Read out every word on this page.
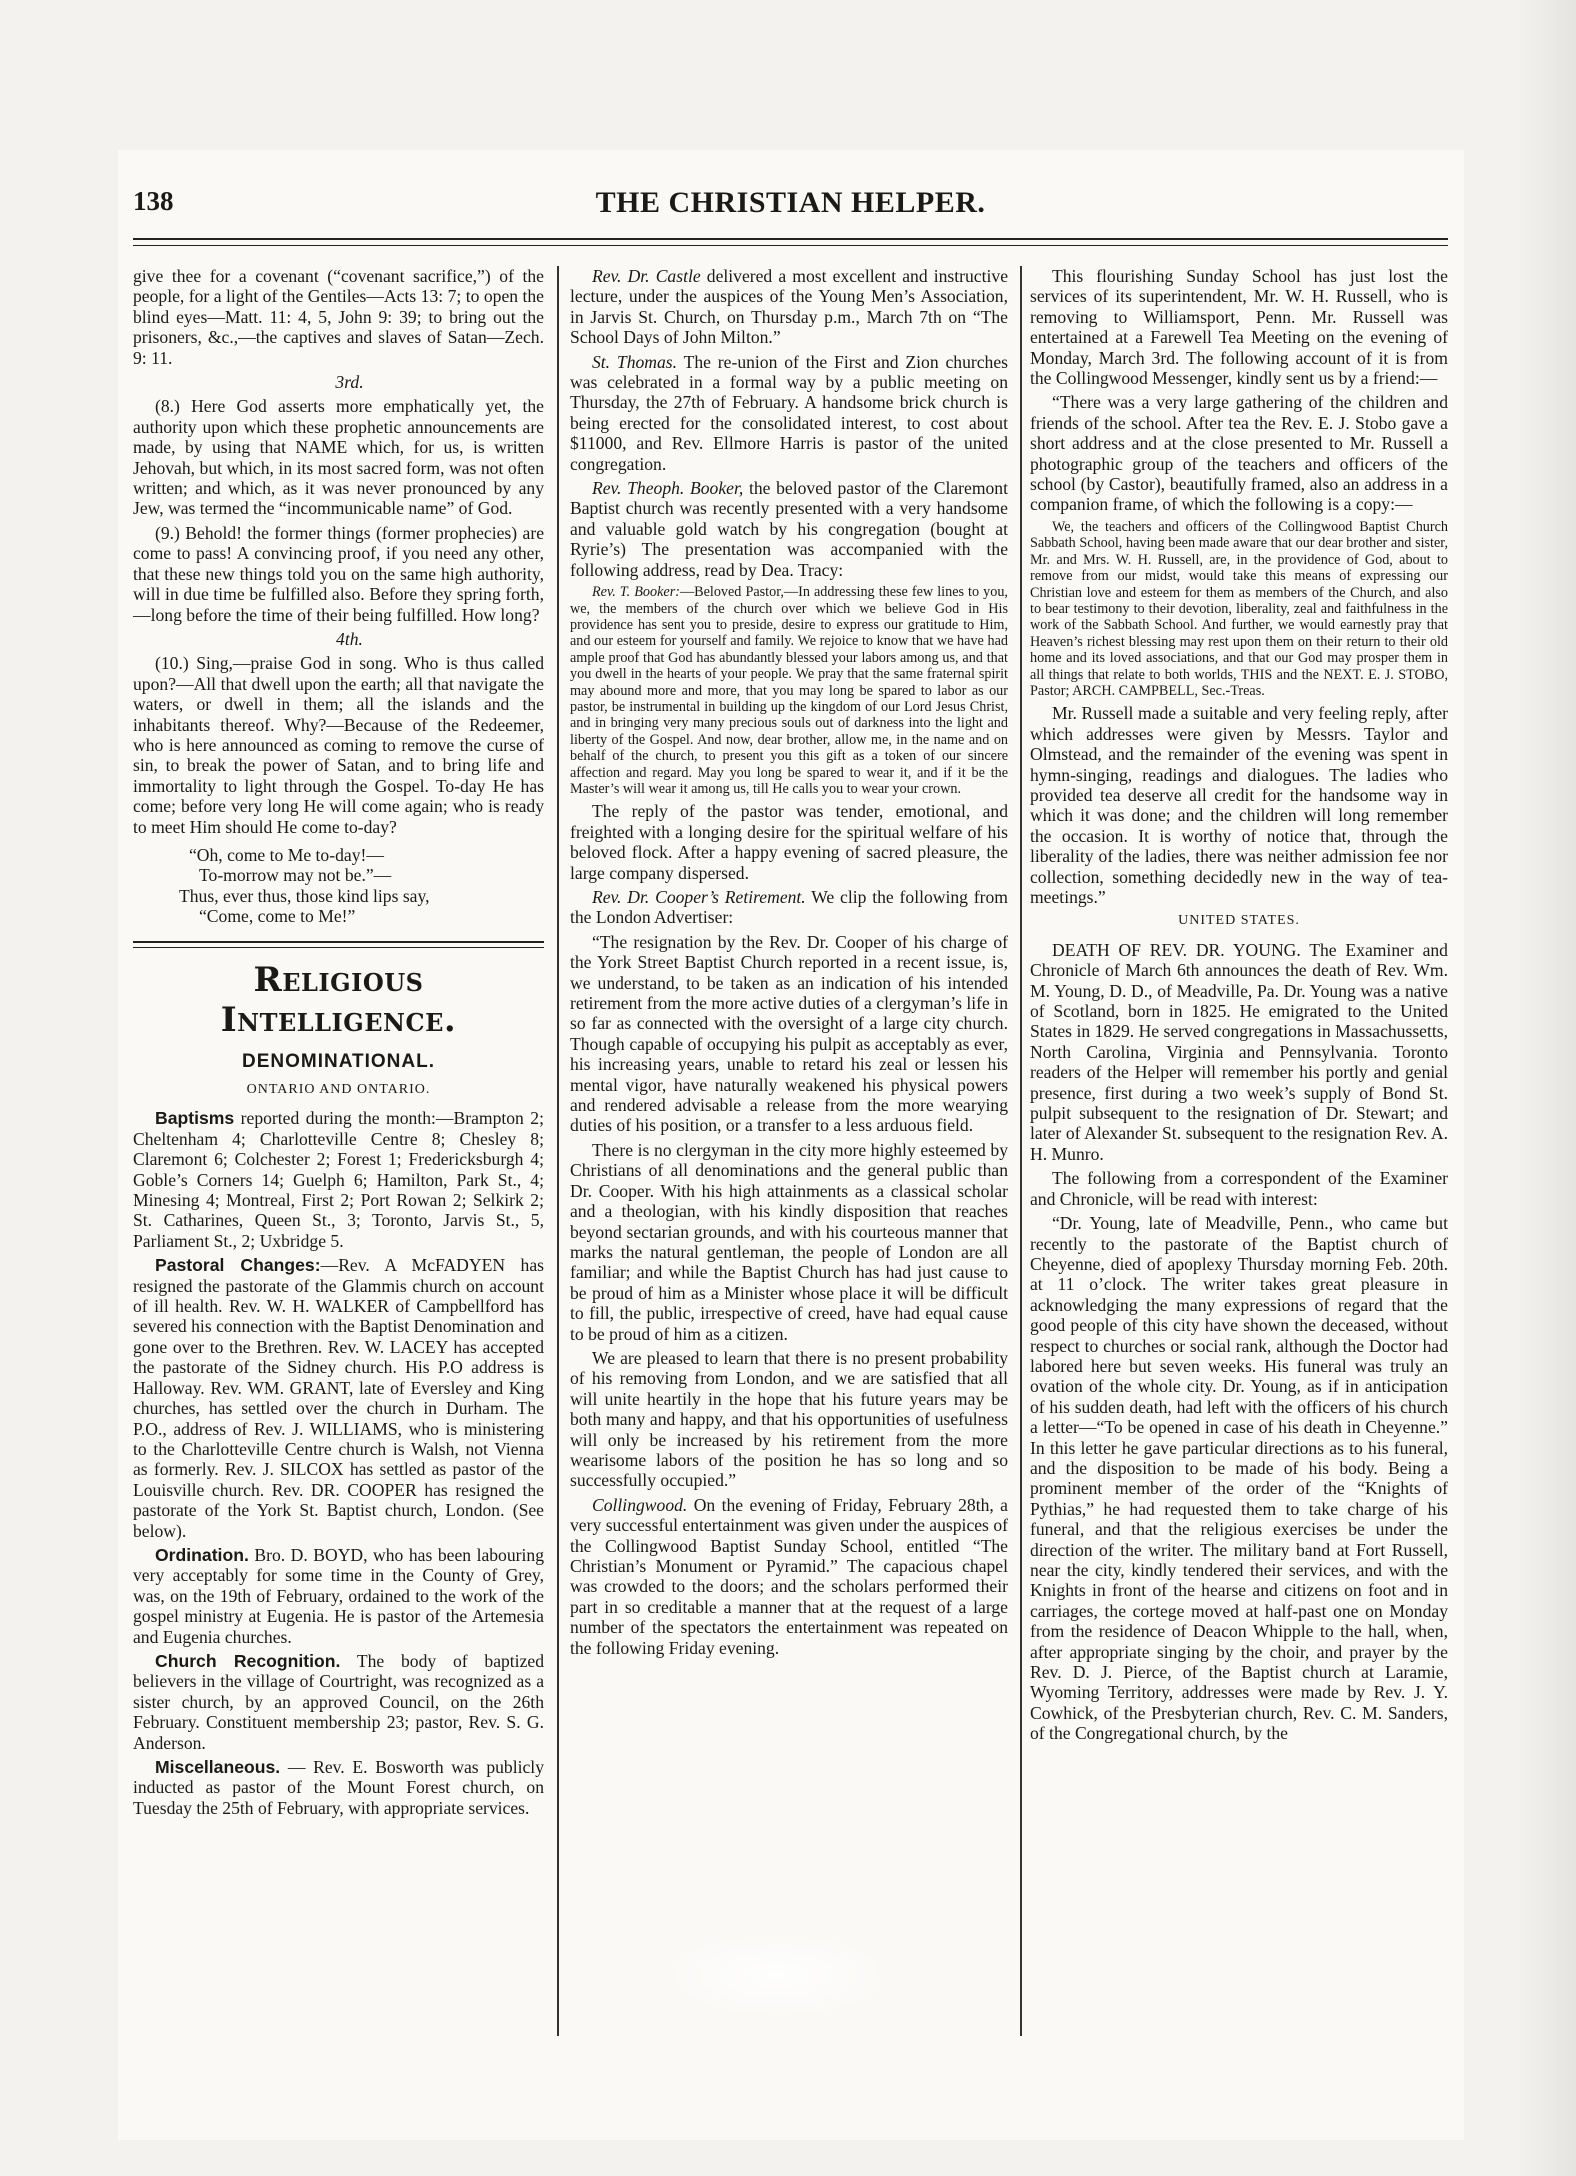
138	THE CHRISTIAN HELPER.

give thee for a covenant (“covenant sacrifice,”) of the people, for a light of the Gentiles—Acts 13: 7; to open the blind eyes—Matt. 11: 4, 5, John 9: 39; to bring out the prisoners, &c.,—the captives and slaves of Satan—Zech. 9: 11.

3rd.

(8.) Here God asserts more emphatically yet, the authority upon which these prophetic announcements are made, by using that NAME which, for us, is written Jehovah, but which, in its most sacred form, was not often written; and which, as it was never pronounced by any Jew, was termed the “incommunicable name” of God.

(9.) Behold! the former things (former prophecies) are come to pass! A convincing proof, if you need any other, that these new things told you on the same high authority, will in due time be fulfilled also. Before they spring forth,—long before the time of their being fulfilled. How long?

4th.

(10.) Sing,—praise God in song. Who is thus called upon?—All that dwell upon the earth; all that navigate the waters, or dwell in them; all the islands and the inhabitants thereof. Why?—Because of the Redeemer, who is here announced as coming to remove the curse of sin, to break the power of Satan, and to bring life and immortality to light through the Gospel. To-day He has come; before very long He will come again; who is ready to meet Him should He come to-day?

“Oh, come to Me to-day!—
To-morrow may not be.”—
Thus, ever thus, those kind lips say,
“Come, come to Me!”
Religious Intelligence.
DENOMINATIONAL.
ONTARIO AND ONTARIO.

Baptisms reported during the month:—Brampton 2; Cheltenham 4; Charlotteville Centre 8; Chesley 8; Claremont 6; Colchester 2; Forest 1; Fredericksburgh 4; Goble’s Corners 14; Guelph 6; Hamilton, Park St., 4; Minesing 4; Montreal, First 2; Port Rowan 2; Selkirk 2; St. Catharines, Queen St., 3; Toronto, Jarvis St., 5, Parliament St., 2; Uxbridge 5.

Pastoral Changes:—Rev. A McFADYEN has resigned the pastorate of the Glammis church on account of ill health. Rev. W. H. WALKER of Campbellford has severed his connection with the Baptist Denomination and gone over to the Brethren. Rev. W. LACEY has accepted the pastorate of the Sidney church. His P.O address is Halloway. Rev. WM. GRANT, late of Eversley and King churches, has settled over the church in Durham. The P.O., address of Rev. J. WILLIAMS, who is ministering to the Charlotteville Centre church is Walsh, not Vienna as formerly. Rev. J. SILCOX has settled as pastor of the Louisville church. Rev. DR. COOPER has resigned the pastorate of the York St. Baptist church, London. (See below).

Ordination. Bro. D. BOYD, who has been labouring very acceptably for some time in the County of Grey, was, on the 19th of February, ordained to the work of the gospel ministry at Eugenia. He is pastor of the Artemesia and Eugenia churches.

Church Recognition. The body of baptized believers in the village of Courtright, was recognized as a sister church, by an approved Council, on the 26th February. Constituent membership 23; pastor, Rev. S. G. Anderson.

Miscellaneous. — Rev. E. Bosworth was publicly inducted as pastor of the Mount Forest church, on Tuesday the 25th of February, with appropriate services.

Rev. Dr. Castle delivered a most excellent and instructive lecture, under the auspices of the Young Men’s Association, in Jarvis St. Church, on Thursday p.m., March 7th on “The School Days of John Milton.”

St. Thomas. The re-union of the First and Zion churches was celebrated in a formal way by a public meeting on Thursday, the 27th of February. A handsome brick church is being erected for the consolidated interest, to cost about $11000, and Rev. Ellmore Harris is pastor of the united congregation.

Rev. Theoph. Booker, the beloved pastor of the Claremont Baptist church was recently presented with a very handsome and valuable gold watch by his congregation (bought at Ryrie’s) The presentation was accompanied with the following address, read by Dea. Tracy:

Rev. T. Booker:—Beloved Pastor,—In addressing these few lines to you, we, the members of the church over which we believe God in His providence has sent you to preside, desire to express our gratitude to Him, and our esteem for yourself and family. We rejoice to know that we have had ample proof that God has abundantly blessed your labors among us, and that you dwell in the hearts of your people. We pray that the same fraternal spirit may abound more and more, that you may long be spared to labor as our pastor, be instrumental in building up the kingdom of our Lord Jesus Christ, and in bringing very many precious souls out of darkness into the light and liberty of the Gospel. And now, dear brother, allow me, in the name and on behalf of the church, to present you this gift as a token of our sincere affection and regard. May you long be spared to wear it, and if it be the Master’s will wear it among us, till He calls you to wear your crown.

The reply of the pastor was tender, emotional, and freighted with a longing desire for the spiritual welfare of his beloved flock. After a happy evening of sacred pleasure, the large company dispersed.

Rev. Dr. Cooper’s Retirement. We clip the following from the London Advertiser:

“The resignation by the Rev. Dr. Cooper of his charge of the York Street Baptist Church reported in a recent issue, is, we understand, to be taken as an indication of his intended retirement from the more active duties of a clergyman’s life in so far as connected with the oversight of a large city church. Though capable of occupying his pulpit as acceptably as ever, his increasing years, unable to retard his zeal or lessen his mental vigor, have naturally weakened his physical powers and rendered advisable a release from the more wearying duties of his position, or a transfer to a less arduous field.

There is no clergyman in the city more highly esteemed by Christians of all denominations and the general public than Dr. Cooper. With his high attainments as a classical scholar and a theologian, with his kindly disposition that reaches beyond sectarian grounds, and with his courteous manner that marks the natural gentleman, the people of London are all familiar; and while the Baptist Church has had just cause to be proud of him as a Minister whose place it will be difficult to fill, the public, irrespective of creed, have had equal cause to be proud of him as a citizen.

We are pleased to learn that there is no present probability of his removing from London, and we are satisfied that all will unite heartily in the hope that his future years may be both many and happy, and that his opportunities of usefulness will only be increased by his retirement from the more wearisome labors of the position he has so long and so successfully occupied.”

Collingwood. On the evening of Friday, February 28th, a very successful entertainment was given under the auspices of the Collingwood Baptist Sunday School, entitled “The Christian’s Monument or Pyramid.” The capacious chapel was crowded to the doors; and the scholars performed their part in so creditable a manner that at the request of a large number of the spectators the entertainment was repeated on the following Friday evening.

This flourishing Sunday School has just lost the services of its superintendent, Mr. W. H. Russell, who is removing to Williamsport, Penn. Mr. Russell was entertained at a Farewell Tea Meeting on the evening of Monday, March 3rd. The following account of it is from the Collingwood Messenger, kindly sent us by a friend:—

“There was a very large gathering of the children and friends of the school. After tea the Rev. E. J. Stobo gave a short address and at the close presented to Mr. Russell a photographic group of the teachers and officers of the school (by Castor), beautifully framed, also an address in a companion frame, of which the following is a copy:—

We, the teachers and officers of the Collingwood Baptist Church Sabbath School, having been made aware that our dear brother and sister, Mr. and Mrs. W. H. Russell, are, in the providence of God, about to remove from our midst, would take this means of expressing our Christian love and esteem for them as members of the Church, and also to bear testimony to their devotion, liberality, zeal and faithfulness in the work of the Sabbath School. And further, we would earnestly pray that Heaven’s richest blessing may rest upon them on their return to their old home and its loved associations, and that our God may prosper them in all things that relate to both worlds, THIS and the NEXT. E. J. STOBO, Pastor; ARCH. CAMPBELL, Sec.-Treas.

Mr. Russell made a suitable and very feeling reply, after which addresses were given by Messrs. Taylor and Olmstead, and the remainder of the evening was spent in hymn-singing, readings and dialogues. The ladies who provided tea deserve all credit for the handsome way in which it was done; and the children will long remember the occasion. It is worthy of notice that, through the liberality of the ladies, there was neither admission fee nor collection, something decidedly new in the way of tea-meetings.”

UNITED STATES.

DEATH OF REV. DR. YOUNG. The Examiner and Chronicle of March 6th announces the death of Rev. Wm. M. Young, D. D., of Meadville, Pa. Dr. Young was a native of Scotland, born in 1825. He emigrated to the United States in 1829. He served congregations in Massachussetts, North Carolina, Virginia and Pennsylvania. Toronto readers of the Helper will remember his portly and genial presence, first during a two week’s supply of Bond St. pulpit subsequent to the resignation of Dr. Stewart; and later of Alexander St. subsequent to the resignation Rev. A. H. Munro.

The following from a correspondent of the Examiner and Chronicle, will be read with interest:

“Dr. Young, late of Meadville, Penn., who came but recently to the pastorate of the Baptist church of Cheyenne, died of apoplexy Thursday morning Feb. 20th. at 11 o’clock. The writer takes great pleasure in acknowledging the many expressions of regard that the good people of this city have shown the deceased, without respect to churches or social rank, although the Doctor had labored here but seven weeks. His funeral was truly an ovation of the whole city. Dr. Young, as if in anticipation of his sudden death, had left with the officers of his church a letter—“To be opened in case of his death in Cheyenne.” In this letter he gave particular directions as to his funeral, and the disposition to be made of his body. Being a prominent member of the order of the “Knights of Pythias,” he had requested them to take charge of his funeral, and that the religious exercises be under the direction of the writer. The military band at Fort Russell, near the city, kindly tendered their services, and with the Knights in front of the hearse and citizens on foot and in carriages, the cortege moved at half-past one on Monday from the residence of Deacon Whipple to the hall, when, after appropriate singing by the choir, and prayer by the Rev. D. J. Pierce, of the Baptist church at Laramie, Wyoming Territory, addresses were made by Rev. J. Y. Cowhick, of the Presbyterian church, Rev. C. M. Sanders, of the Congregational church, by the
